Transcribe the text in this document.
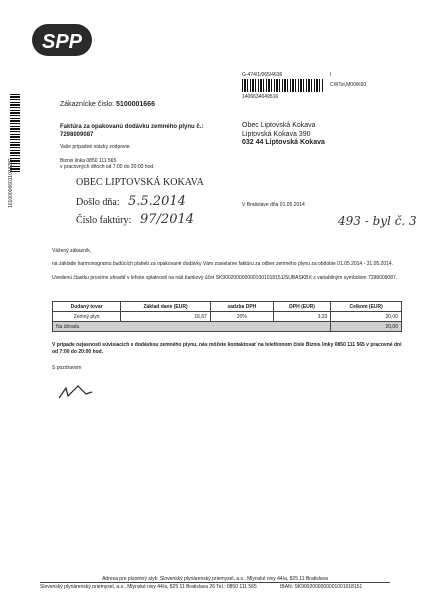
SPP
101000066011013287
G-474/1/065/4636	I
CWTst,M00/K60
1406634049516
Zákaznícke číslo:
5100001666
Faktúra za opakovanú dodávku zemného plynu č.:
7298009087
Vaše prípadné otázky zodpovie:
Biznis linka 0850 111 565
v pracovných dňoch od 7:00 do 20:00 hod.
Obec Liptovská Kokava
Liptovská Kokava 390
032 44 Liptovská Kokava
OBEC LIPTOVSKÁ KOKAVA
Došlo dňa: 5.5.2014
Číslo faktúry: 97/2014
V Bratislave dňa 01.05.2014
493 - byl č. 3
Vážený zákazník,
na základe harmonogramu budúcich platieb za opakované dodávky Vám zasielame faktúru za odber zemného plynu za obdobie 01.05.2014 - 31.05.2014.
Uvedenú čiastku prosíme uhradiť v lehote splatnosti na náš bankový účet SK9002000000001001018151/SUBASKBX s variabilným symbolom 7298009087.
Dodaný tovar	Základ dane (EUR)	sadzba DPH	DPH (EUR)	Celkom (EUR)
Zemný plyn	16,67	20%	3,33	20,00
Na úhradu				20,00
V prípade nejasností súvisiacich s dodávkou zemného plynu, nás môžete kontaktovať na telefónnom čísle Biznis linky 0850 111 565 v pracovné dni od 7:00 do 20:00 hod.
S pozdravom
Adresa pre písomný styk: Slovenský plynárenský priemysel, a.s., Mlynské nivy 44/a, 825 11 Bratislava
Slovenský plynárenský priemysel, a.s., Mlynské nivy 44/a, 825 11 Bratislava 26 Tel.: 0850 111 565	IBAN: SK9002000000001001018151
